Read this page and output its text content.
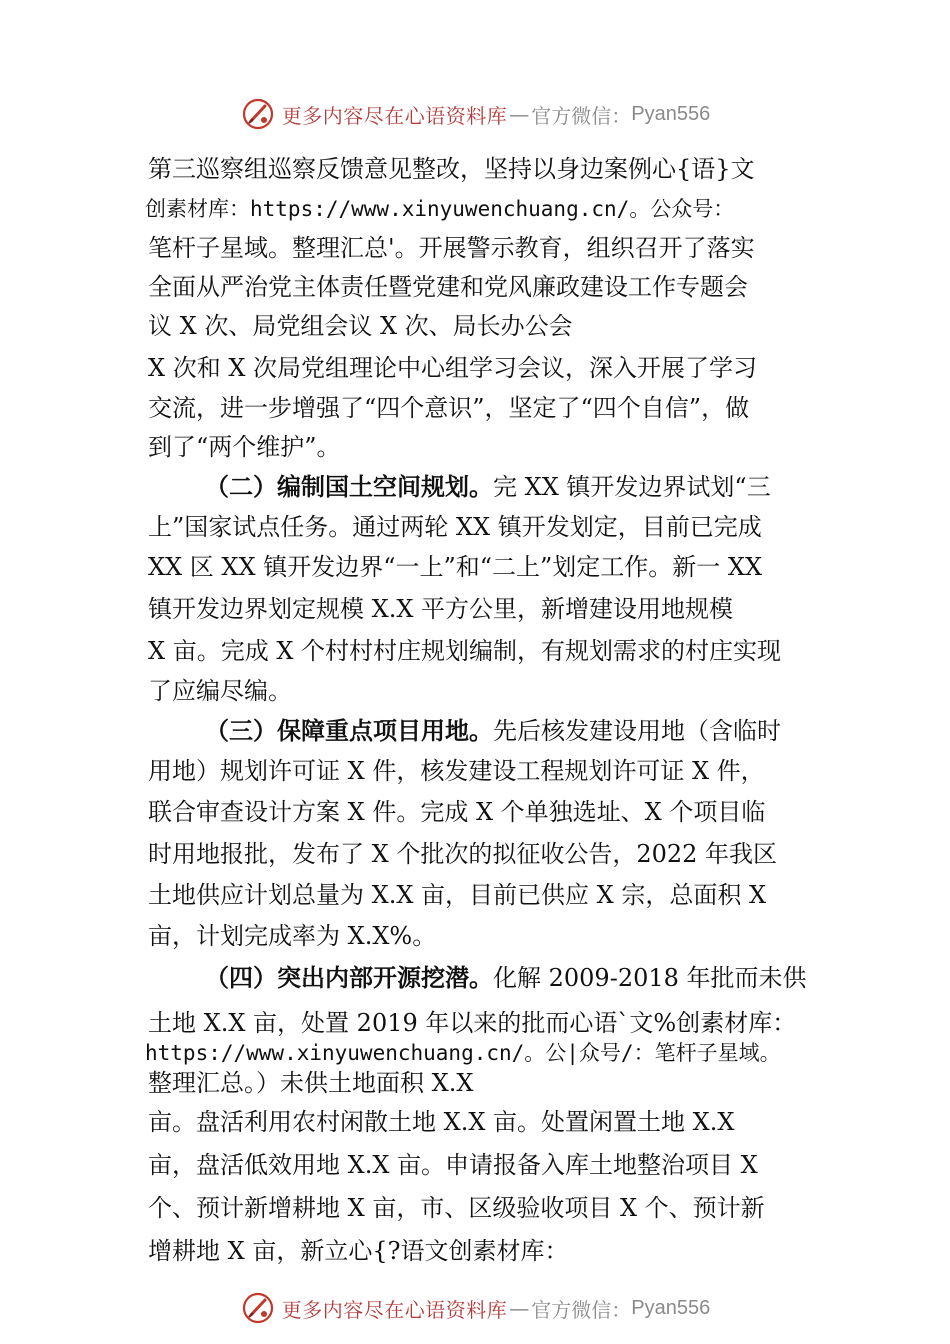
更多内容尽在心语资料库 — 官方微信： Pyan556
第三巡察组巡察反馈意见整改，坚持以身边案例心{语}文
创素材库：https://www.xinyuwenchuang.cn/。公众号：
笔杆子星域。整理汇总'。开展警示教育，组织召开了落实
全面从严治党主体责任暨党建和党风廉政建设工作专题会
议 X 次、局党组会议 X 次、局长办公会
X 次和 X 次局党组理论中心组学习会议，深入开展了学习
交流，进一步增强了“四个意识”，坚定了“四个自信”，做
到了“两个维护”。
（二）编制国土空间规划。完 XX 镇开发边界试划“三
上”国家试点任务。通过两轮 XX 镇开发划定，目前已完成
XX 区 XX 镇开发边界“一上”和“二上”划定工作。新一 XX
镇开发边界划定规模 X.X 平方公里，新增建设用地规模
X 亩。完成 X 个村村村庄规划编制，有规划需求的村庄实现
了应编尽编。
（三）保障重点项目用地。先后核发建设用地（含临时
用地）规划许可证 X 件，核发建设工程规划许可证 X 件，
联合审查设计方案 X 件。完成 X 个单独选址、X 个项目临
时用地报批，发布了 X 个批次的拟征收公告，2022 年我区
土地供应计划总量为 X.X 亩，目前已供应 X 宗，总面积 X
亩，计划完成率为 X.X%。
（四）突出内部开源挖潜。化解 2009-2018 年批而未供
土地 X.X 亩，处置 2019 年以来的批而心语`文%创素材库：
https://www.xinyuwenchuang.cn/。公|众号/：笔杆子星域。
整理汇总。）未供土地面积 X.X
亩。盘活利用农村闲散土地 X.X 亩。处置闲置土地 X.X
亩，盘活低效用地 X.X 亩。申请报备入库土地整治项目 X
个、预计新增耕地 X 亩，市、区级验收项目 X 个、预计新
增耕地 X 亩，新立心{?语文创素材库：
更多内容尽在心语资料库 — 官方微信： Pyan556
